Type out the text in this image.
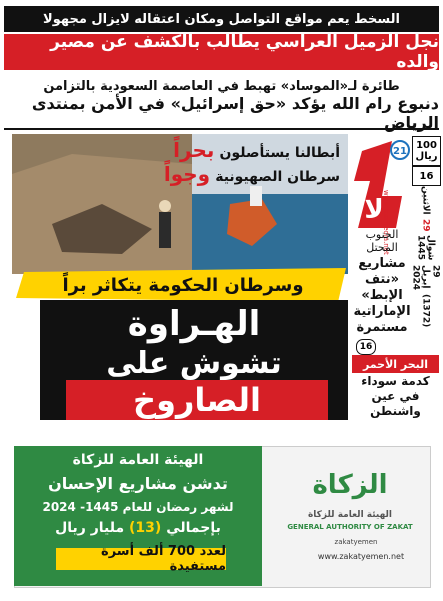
السخط يعم مواقع التواصل ومكان اعتقاله لايزال مجهولا
نجل الزميل العراسي يطالب بالكشف عن مصير والده
طائرة لـ«الموساد» تهبط في العاصمة السعودية بالتزامن
دنبوع رام الله يؤكد «حق إسرائيل» في الأمن بمنتدى الرياض
21
لا
100
ريال
16
الاثنين
29
شوال 1445
29 إبريل 2024
(1372)
www.laamedia.net
الجنوب المحتل
مشاريع «نتف الإبط» الإماراتية مستمرة
16
البحر الأحمر
كدمة سوداء في عين واشنطن
أبطالنا يستأصلون بحراً
سرطان الصهيونية وجواً
وسرطان الحكومة يتكاثر براً
الهـراوة
تشوش على
الصاروخ
الهيئة العامة للزكاة
تدشن مشاريع الإحسان
لشهر رمضان للعام 1445- 2024
بإجمالي (13) مليار ريال
لعدد 700 ألف أسرة مستفيدة
الزكاة
الهيئة العامة للزكاة
GENERAL AUTHORITY OF ZAKAT
zakatyemen
www.zakatyemen.net
